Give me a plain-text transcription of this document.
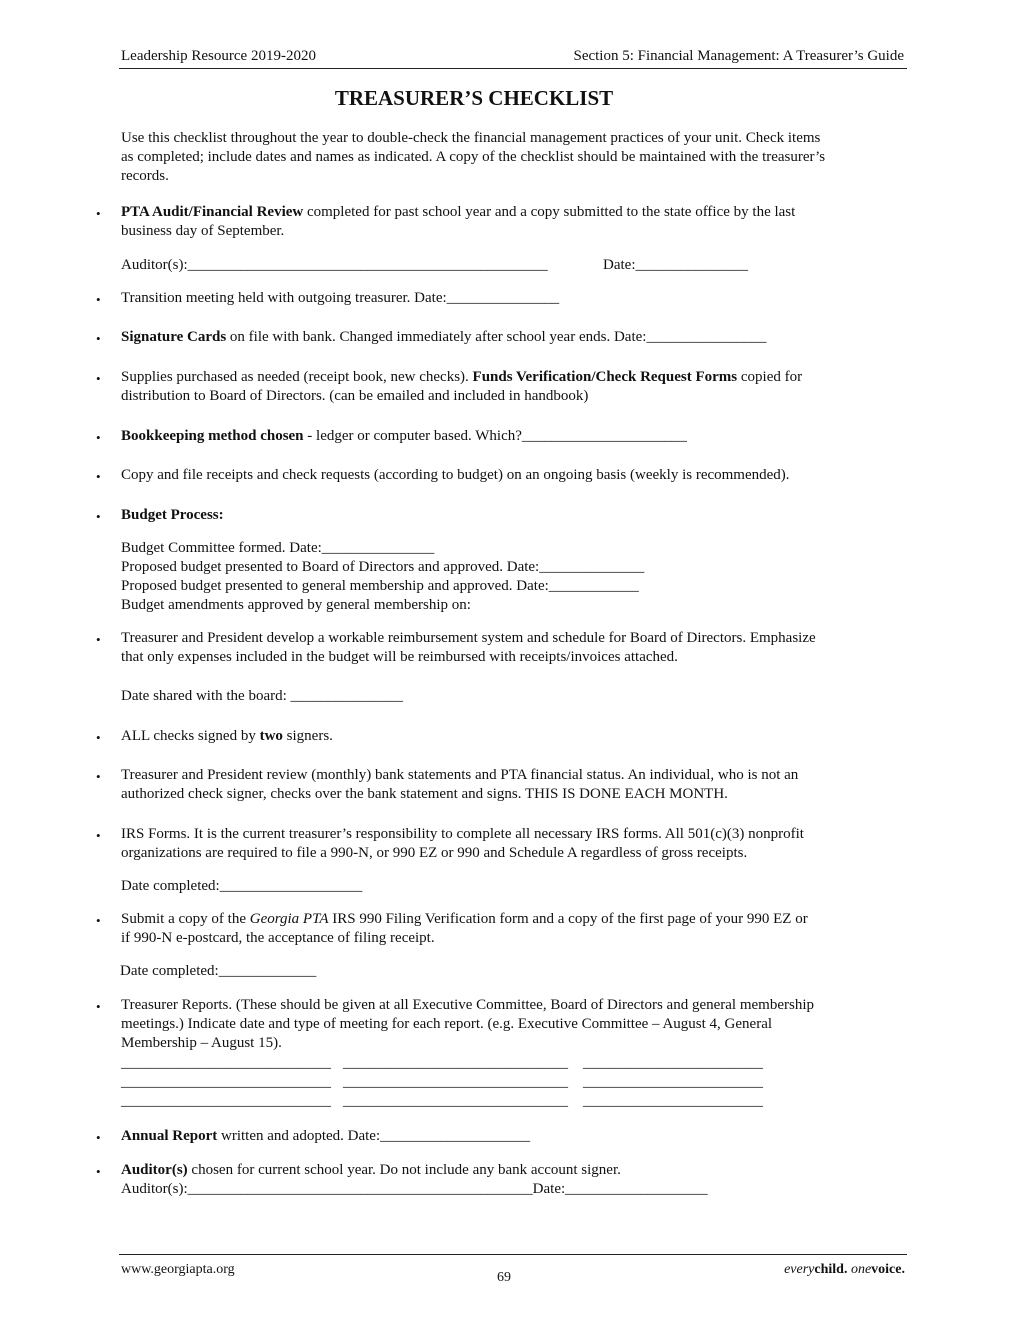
Leadership Resource 2019-2020	Section 5: Financial Management: A Treasurer’s Guide
TREASURER’S CHECKLIST
Use this checklist throughout the year to double-check the financial management practices of your unit. Check items
as completed; include dates and names as indicated. A copy of the checklist should be maintained with the treasurer’s
records.
•	PTA Audit/Financial Review completed for past school year and a copy submitted to the state office by the last
business day of September.
Auditor(s):________________________________________________	Date:_______________
•	Transition meeting held with outgoing treasurer. Date:_______________
•	Signature Cards on file with bank. Changed immediately after school year ends. Date:________________
•	Supplies purchased as needed (receipt book, new checks). Funds Verification/Check Request Forms copied for
distribution to Board of Directors. (can be emailed and included in handbook)
•	Bookkeeping method chosen - ledger or computer based. Which?______________________
•	Copy and file receipts and check requests (according to budget) on an ongoing basis (weekly is recommended).
•	Budget Process:
Budget Committee formed. Date:_______________
Proposed budget presented to Board of Directors and approved. Date:______________
Proposed budget presented to general membership and approved. Date:____________
Budget amendments approved by general membership on:
•	Treasurer and President develop a workable reimbursement system and schedule for Board of Directors. Emphasize
that only expenses included in the budget will be reimbursed with receipts/invoices attached.
Date shared with the board: _______________
•	ALL checks signed by two signers.
•	Treasurer and President review (monthly) bank statements and PTA financial status. An individual, who is not an
authorized check signer, checks over the bank statement and signs. THIS IS DONE EACH MONTH.
•	IRS Forms. It is the current treasurer’s responsibility to complete all necessary IRS forms. All 501(c)(3) nonprofit
organizations are required to file a 990-N, or 990 EZ or 990 and Schedule A regardless of gross receipts.
Date completed:___________________
•	Submit a copy of the Georgia PTA IRS 990 Filing Verification form and a copy of the first page of your 990 EZ or
if 990-N e-postcard, the acceptance of filing receipt.
Date completed:_____________
•	Treasurer Reports. (These should be given at all Executive Committee, Board of Directors and general membership
meetings.) Indicate date and type of meeting for each report. (e.g. Executive Committee – August 4, General
Membership – August 15).
—————————————— ——————————————— ————————————
—————————————— ——————————————— ————————————
—————————————— ——————————————— ————————————
•	Annual Report written and adopted. Date:____________________
•	Auditor(s) chosen for current school year. Do not include any bank account signer.
Auditor(s):______________________________________________Date:___________________
www.georgiapta.org
69
everychild. onevoice.
